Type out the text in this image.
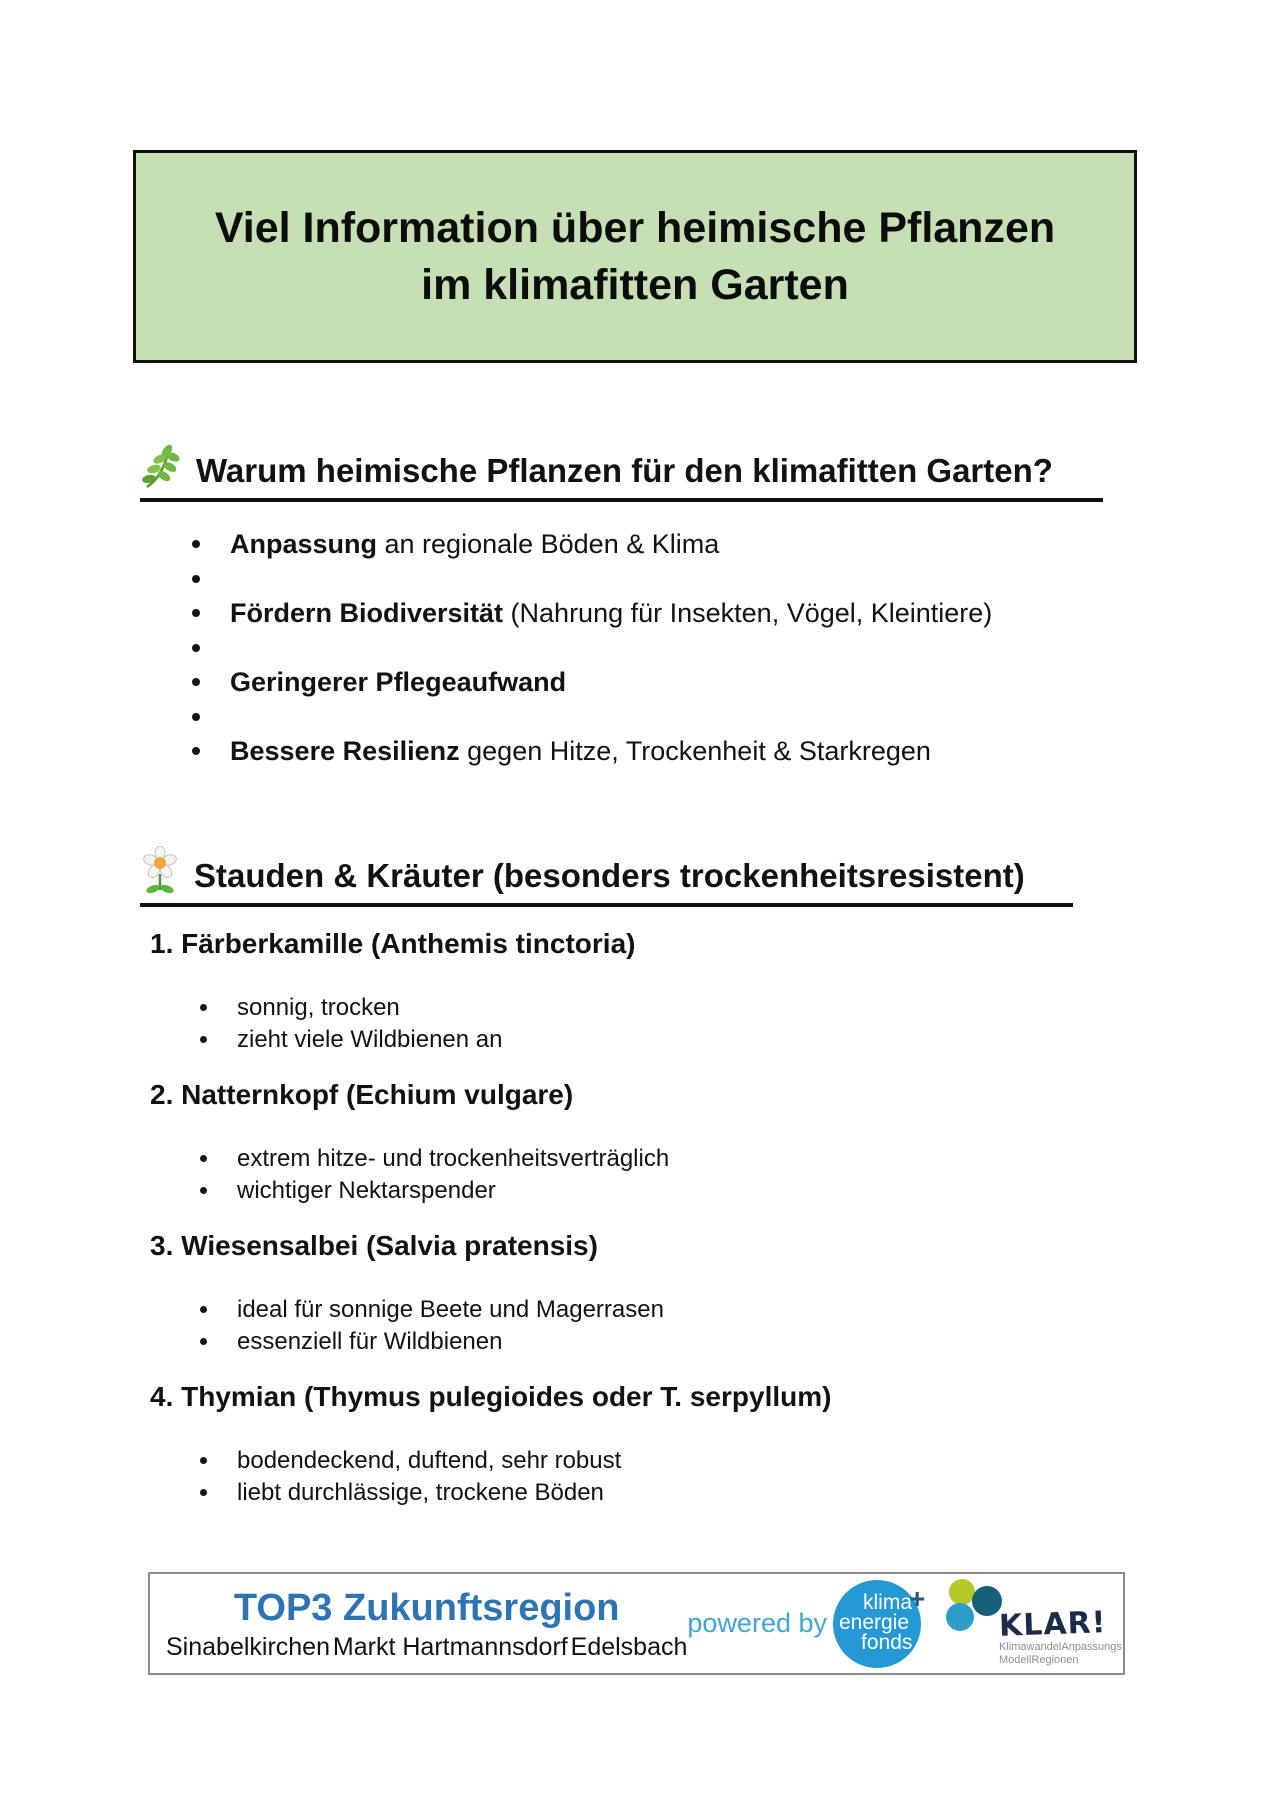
Viel Information über heimische Pflanzen
im klimafitten Garten
Warum heimische Pflanzen für den klimafitten Garten?
Anpassung an regionale Böden & Klima
Fördern Biodiversität (Nahrung für Insekten, Vögel, Kleintiere)
Geringerer Pflegeaufwand
Bessere Resilienz gegen Hitze, Trockenheit & Starkregen
Stauden & Kräuter (besonders trockenheitsresistent)
1. Färberkamille (Anthemis tinctoria)
sonnig, trocken
zieht viele Wildbienen an
2. Natternkopf (Echium vulgare)
extrem hitze- und trockenheitsverträglich
wichtiger Nektarspender
3. Wiesensalbei (Salvia pratensis)
ideal für sonnige Beete und Magerrasen
essenziell für Wildbienen
4. Thymian (Thymus pulegioides oder T. serpyllum)
bodendeckend, duftend, sehr robust
liebt durchlässige, trockene Böden
TOP3 Zukunftsregion
Sinabelkirchen Markt Hartmannsdorf Edelsbach
powered by
klima
+
energie
fonds	KLAR!
KlimawandelAnpassungs
ModellRegionen
